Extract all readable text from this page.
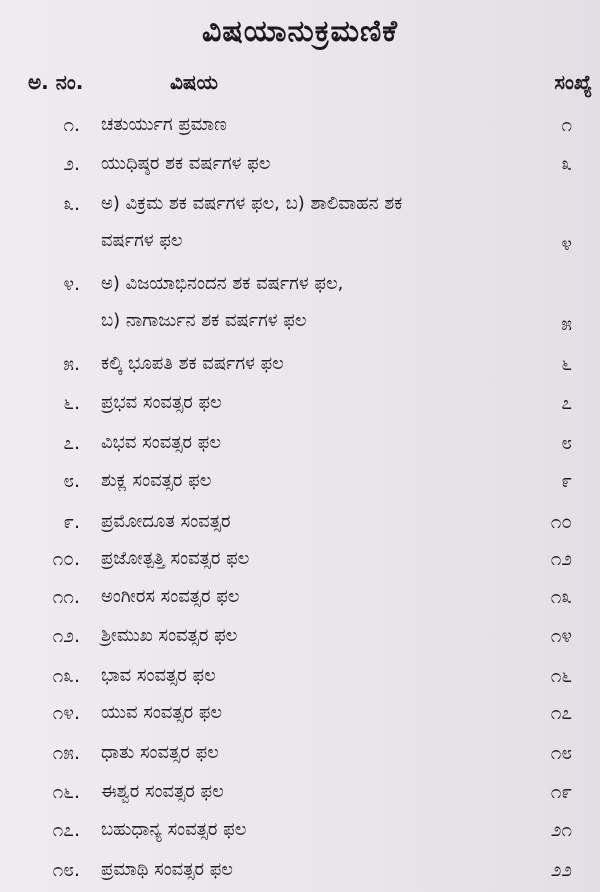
ವಿಷಯಾನುಕ್ರಮಣಿಕೆ
ಅ. ನಂ.	ವಿಷಯ	ಸಂಖ್ಯೆ
೧. ಚತುರ್ಯುಗ ಪ್ರಮಾಣ	೧
೨. ಯುಧಿಷ್ಠರ ಶಕ ವರ್ಷಗಳ ಫಲ	೩
೩. ಅ) ವಿಕ್ರಮ ಶಕ ವರ್ಷಗಳ ಫಲ, ಬ) ಶಾಲಿವಾಹನ ಶಕ
ವರ್ಷಗಳ ಫಲ	೪
೪. ಅ) ವಿಜಯಾಭಿನಂದನ ಶಕ ವರ್ಷಗಳ ಫಲ,
ಬ) ನಾಗಾರ್ಜುನ ಶಕ ವರ್ಷಗಳ ಫಲ	೫
೫. ಕಲ್ಕಿ ಭೂಪತಿ ಶಕ ವರ್ಷಗಳ ಫಲ	೬
೬. ಪ್ರಭವ ಸಂವತ್ಸರ ಫಲ	೭
೭. ವಿಭವ ಸಂವತ್ಸರ ಫಲ	೮
೮. ಶುಕ್ಲ ಸಂವತ್ಸರ ಫಲ	೯
೯. ಪ್ರಮೋದೂತ ಸಂವತ್ಸರ	೧೦
೧೦. ಪ್ರಜೋತ್ಪತ್ತಿ ಸಂವತ್ಸರ ಫಲ	೧೨
೧೧. ಅಂಗೀರಸ ಸಂವತ್ಸರ ಫಲ	೧೩
೧೨. ಶ್ರೀಮುಖ ಸಂವತ್ಸರ ಫಲ	೧೪
೧೩. ಭಾವ ಸಂವತ್ಸರ ಫಲ	೧೬
೧೪. ಯುವ ಸಂವತ್ಸರ ಫಲ	೧೭
೧೫. ಧಾತು ಸಂವತ್ಸರ ಫಲ	೧೮
೧೬. ಈಶ್ವರ ಸಂವತ್ಸರ ಫಲ	೧೯
೧೭. ಬಹುಧಾನ್ಯ ಸಂವತ್ಸರ ಫಲ	೨೧
೧೮. ಪ್ರಮಾಥಿ ಸಂವತ್ಸರ ಫಲ	೨೨
